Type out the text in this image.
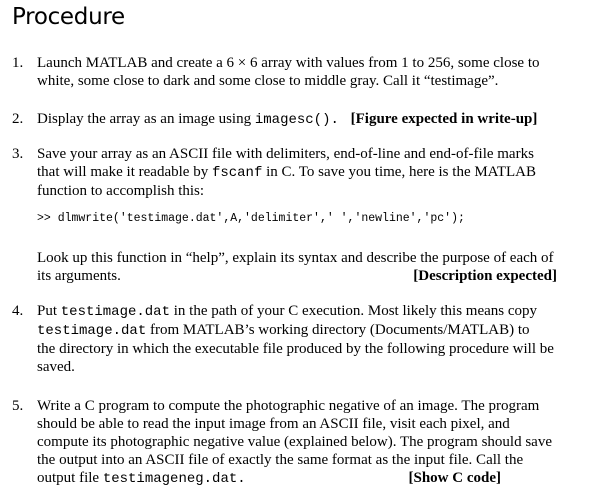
Procedure
1. Launch MATLAB and create a 6 × 6 array with values from 1 to 256, some close to
white, some close to dark and some close to middle gray. Call it “testimage”.
2. Display the array as an image using imagesc(). [Figure expected in write-up]
3. Save your array as an ASCII file with delimiters, end-of-line and end-of-file marks
that will make it readable by fscanf in C. To save you time, here is the MATLAB
function to accomplish this:
>> dlmwrite('testimage.dat',A,'delimiter',' ','newline','pc');
Look up this function in “help”, explain its syntax and describe the purpose of each of
its arguments.	[Description expected]
4. Put testimage.dat in the path of your C execution. Most likely this means copy
testimage.dat from MATLAB’s working directory (Documents/MATLAB) to
the directory in which the executable file produced by the following procedure will be
saved.
5. Write a C program to compute the photographic negative of an image. The program
should be able to read the input image from an ASCII file, visit each pixel, and
compute its photographic negative value (explained below). The program should save
the output into an ASCII file of exactly the same format as the input file. Call the
output file testimageneg.dat.	[Show C code]
